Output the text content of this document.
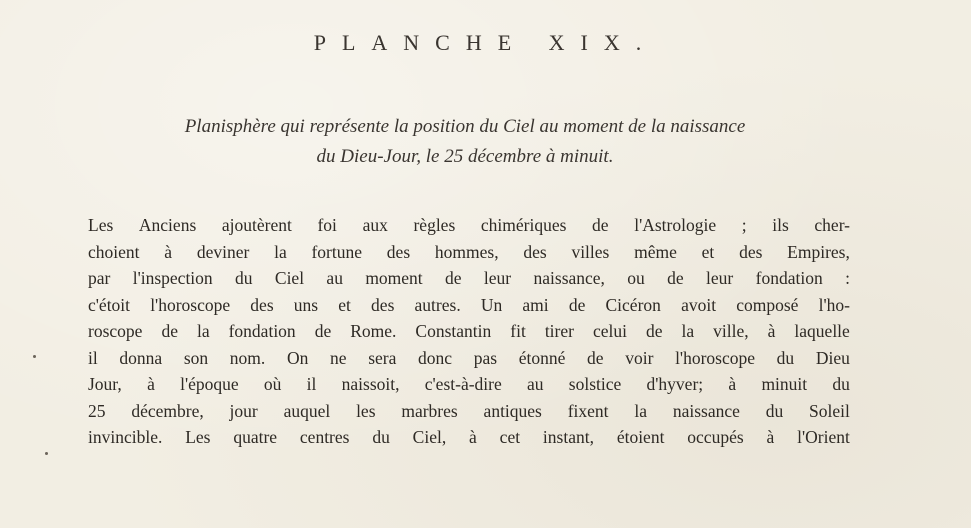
PLANCHE XIX.
Planisphère qui représente la position du Ciel au moment de la naissance
du Dieu-Jour, le 25 décembre à minuit.
Les Anciens ajoutèrent foi aux règles chimériques de l'Astrologie ; ils cher-
choient à deviner la fortune des hommes, des villes même et des Empires,
par l'inspection du Ciel au moment de leur naissance, ou de leur fondation :
c'étoit l'horoscope des uns et des autres. Un ami de Cicéron avoit composé l'ho-
roscope de la fondation de Rome. Constantin fit tirer celui de la ville, à laquelle
il donna son nom. On ne sera donc pas étonné de voir l'horoscope du Dieu
Jour, à l'époque où il naissoit, c'est-à-dire au solstice d'hyver; à minuit du
25 décembre, jour auquel les marbres antiques fixent la naissance du Soleil
invincible. Les quatre centres du Ciel, à cet instant, étoient occupés à l'Orient
